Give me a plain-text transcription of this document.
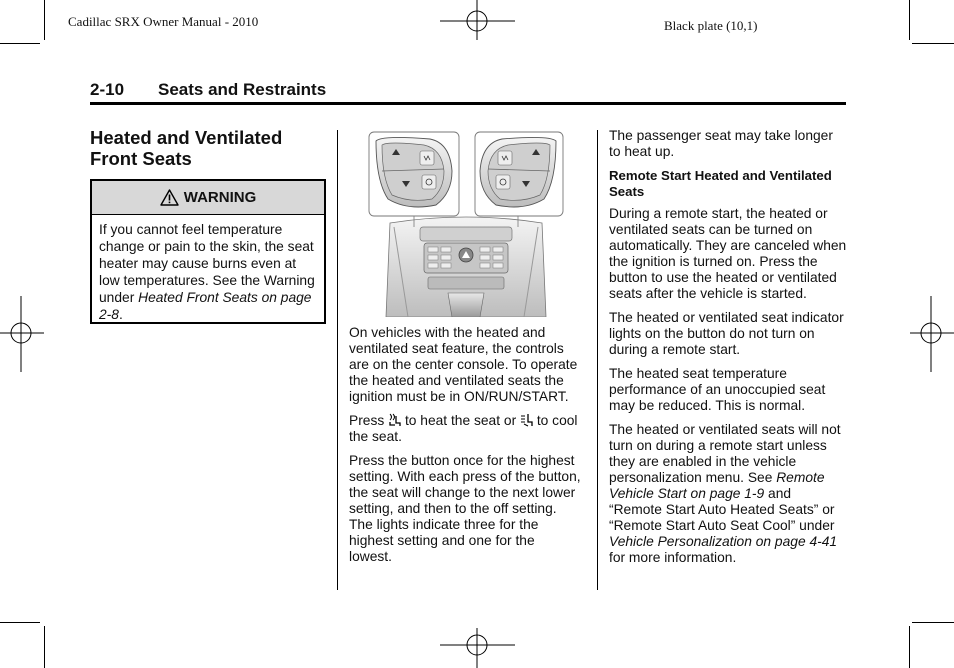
Cadillac SRX Owner Manual - 2010	Black plate (10,1)
2-10 Seats and Restraints
Heated and Ventilated Front Seats
WARNING
If you cannot feel temperature change or pain to the skin, the seat heater may cause burns even at low temperatures. See the Warning under Heated Front Seats on page 2-8.

On vehicles with the heated and ventilated seat feature, the controls are on the center console. To operate the heated and ventilated seats the ignition must be in ON/RUN/START.

Press  to heat the seat or  to cool the seat.

Press the button once for the highest setting. With each press of the button, the seat will change to the next lower setting, and then to the off setting. The lights indicate three for the highest setting and one for the lowest.

The passenger seat may take longer to heat up.

Remote Start Heated and Ventilated Seats

During a remote start, the heated or ventilated seats can be turned on automatically. They are canceled when the ignition is turned on. Press the button to use the heated or ventilated seats after the vehicle is started.

The heated or ventilated seat indicator lights on the button do not turn on during a remote start.

The heated seat temperature performance of an unoccupied seat may be reduced. This is normal.

The heated or ventilated seats will not turn on during a remote start unless they are enabled in the vehicle personalization menu. See Remote Vehicle Start on page 1-9 and “Remote Start Auto Heated Seats” or “Remote Start Auto Seat Cool” under Vehicle Personalization on page 4-41 for more information.
